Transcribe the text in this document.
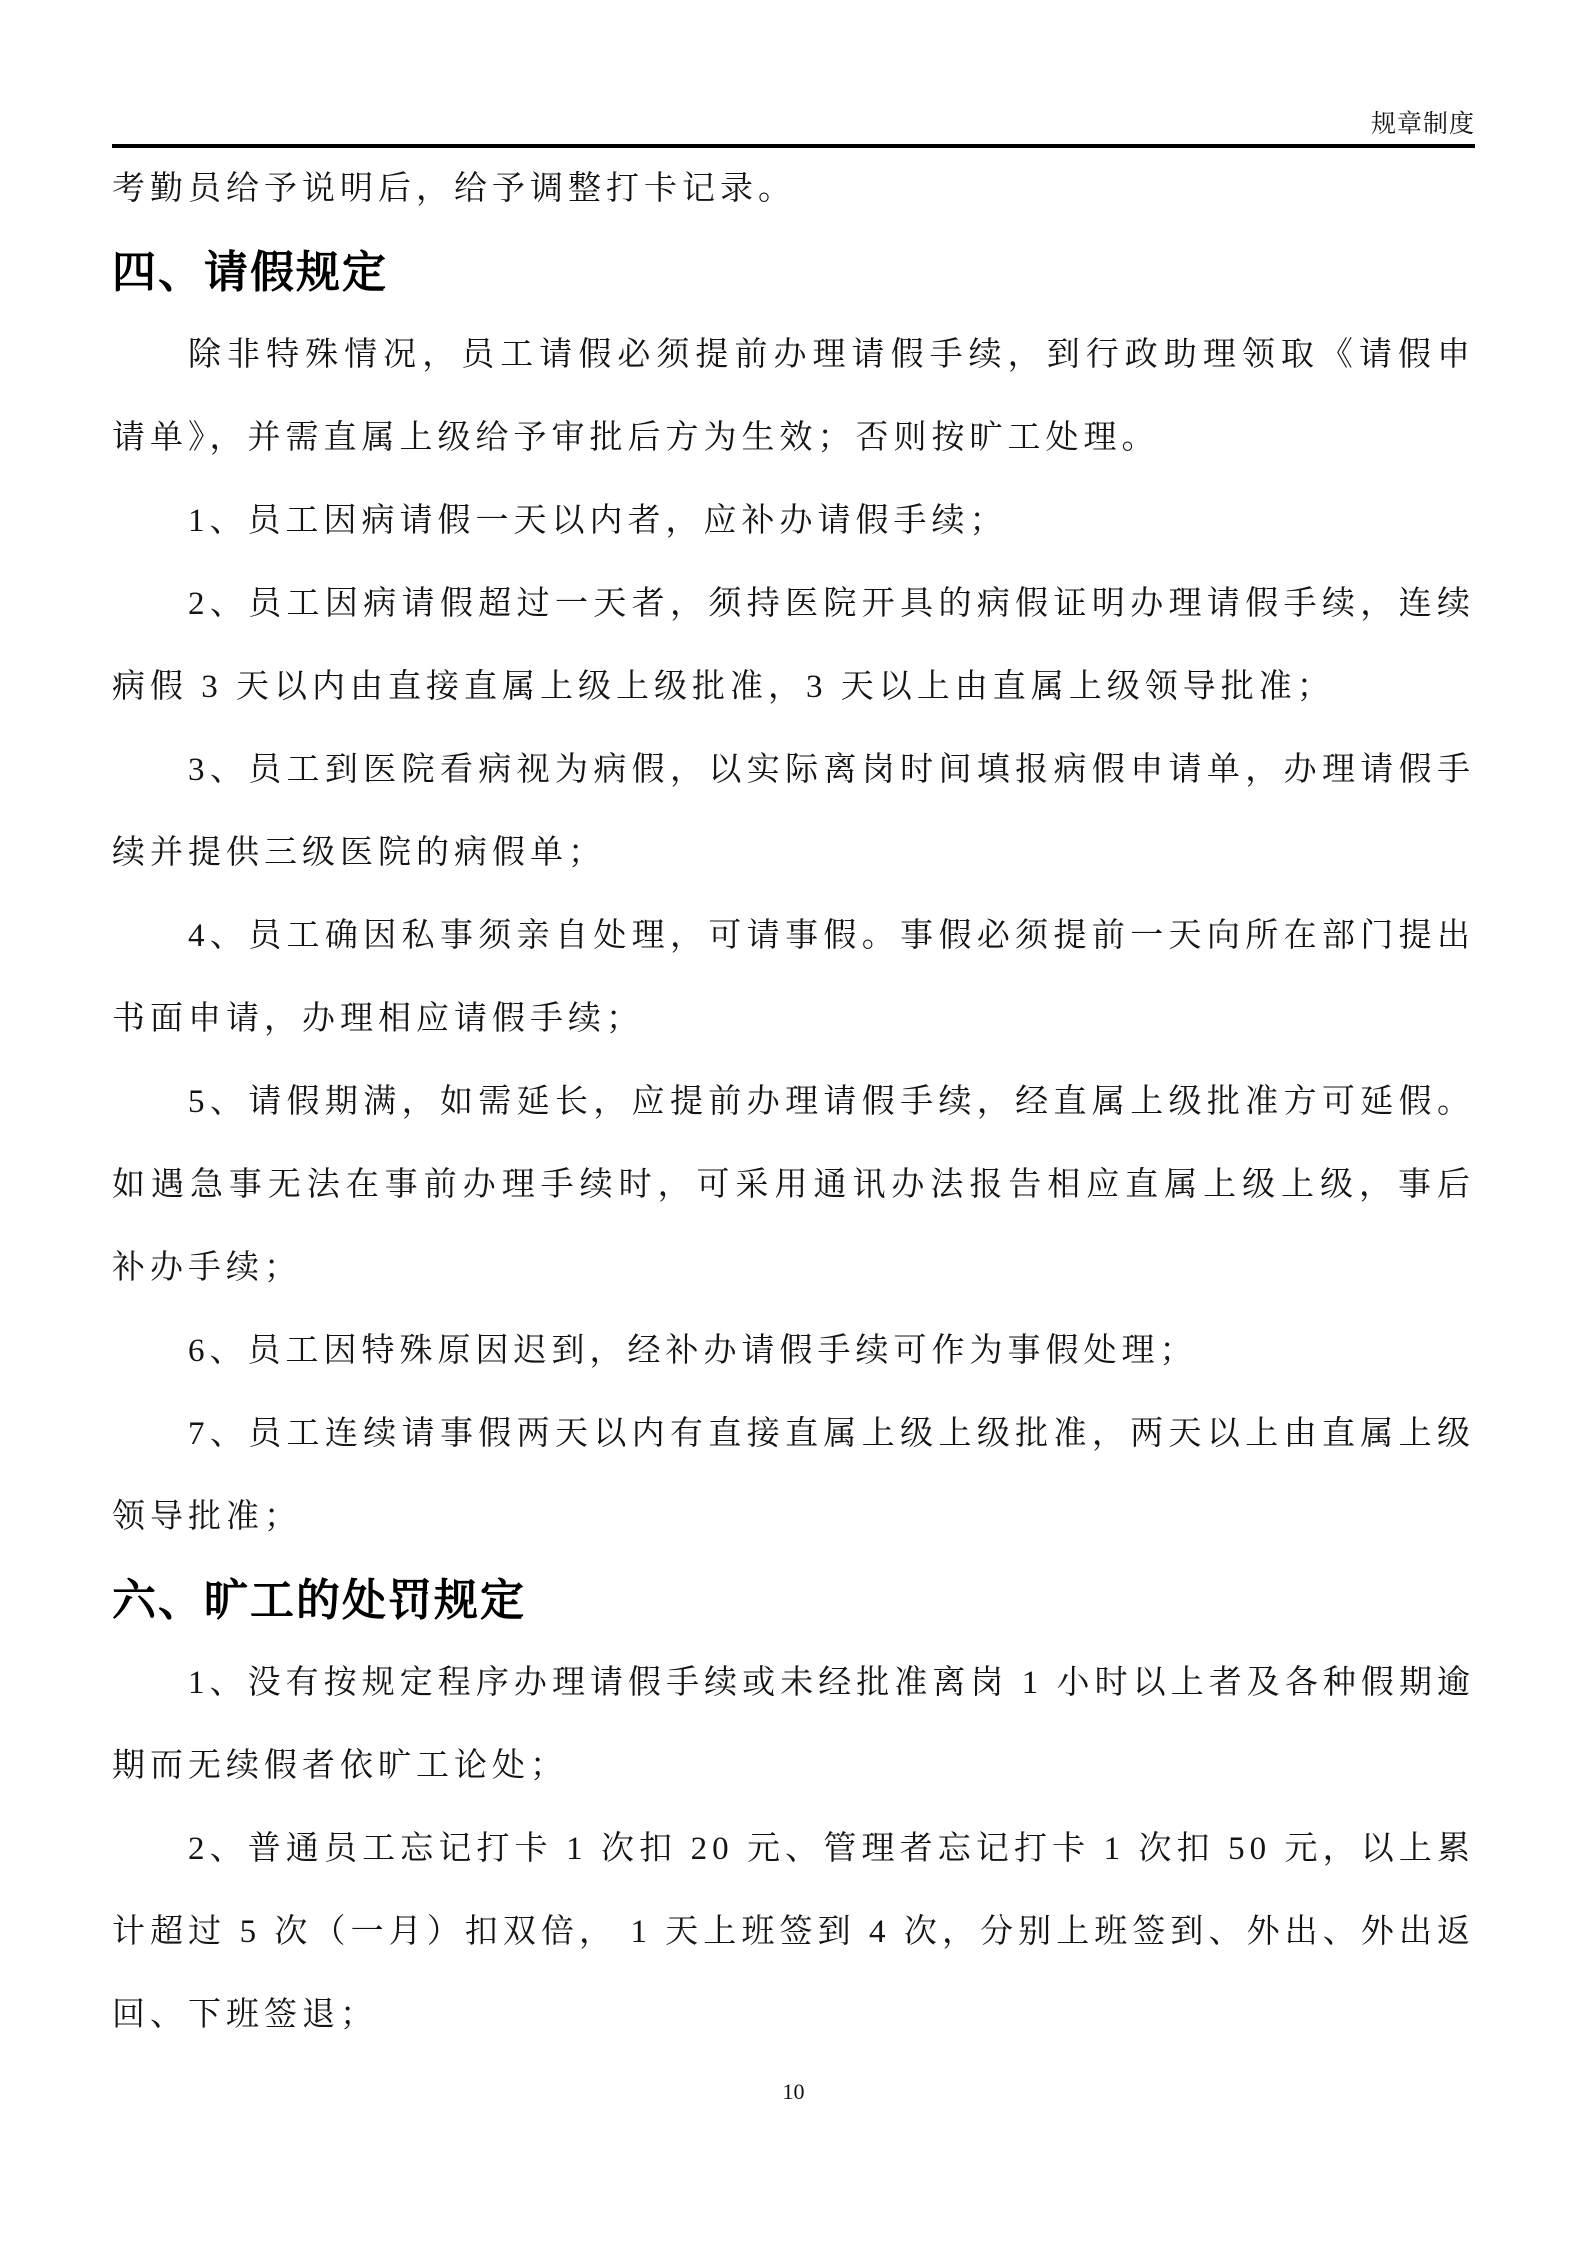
规章制度

考勤员给予说明后，给予调整打卡记录。

四、请假规定

除非特殊情况，员工请假必须提前办理请假手续，到行政助理领取《请假申请单》，并需直属上级给予审批后方为生效；否则按旷工处理。

1、员工因病请假一天以内者，应补办请假手续；

2、员工因病请假超过一天者，须持医院开具的病假证明办理请假手续，连续病假 3 天以内由直接直属上级上级批准，3 天以上由直属上级领导批准；

3、员工到医院看病视为病假，以实际离岗时间填报病假申请单，办理请假手续并提供三级医院的病假单；

4、员工确因私事须亲自处理，可请事假。事假必须提前一天向所在部门提出书面申请，办理相应请假手续；

5、请假期满，如需延长，应提前办理请假手续，经直属上级批准方可延假。如遇急事无法在事前办理手续时，可采用通讯办法报告相应直属上级上级，事后补办手续；

6、员工因特殊原因迟到，经补办请假手续可作为事假处理；

7、员工连续请事假两天以内有直接直属上级上级批准，两天以上由直属上级领导批准；

六、旷工的处罚规定

1、没有按规定程序办理请假手续或未经批准离岗 1 小时以上者及各种假期逾期而无续假者依旷工论处；

2、普通员工忘记打卡 1 次扣 20 元、管理者忘记打卡 1 次扣 50 元，以上累计超过 5 次（一月）扣双倍， 1 天上班签到 4 次，分别上班签到、外出、外出返回、下班签退；

10
